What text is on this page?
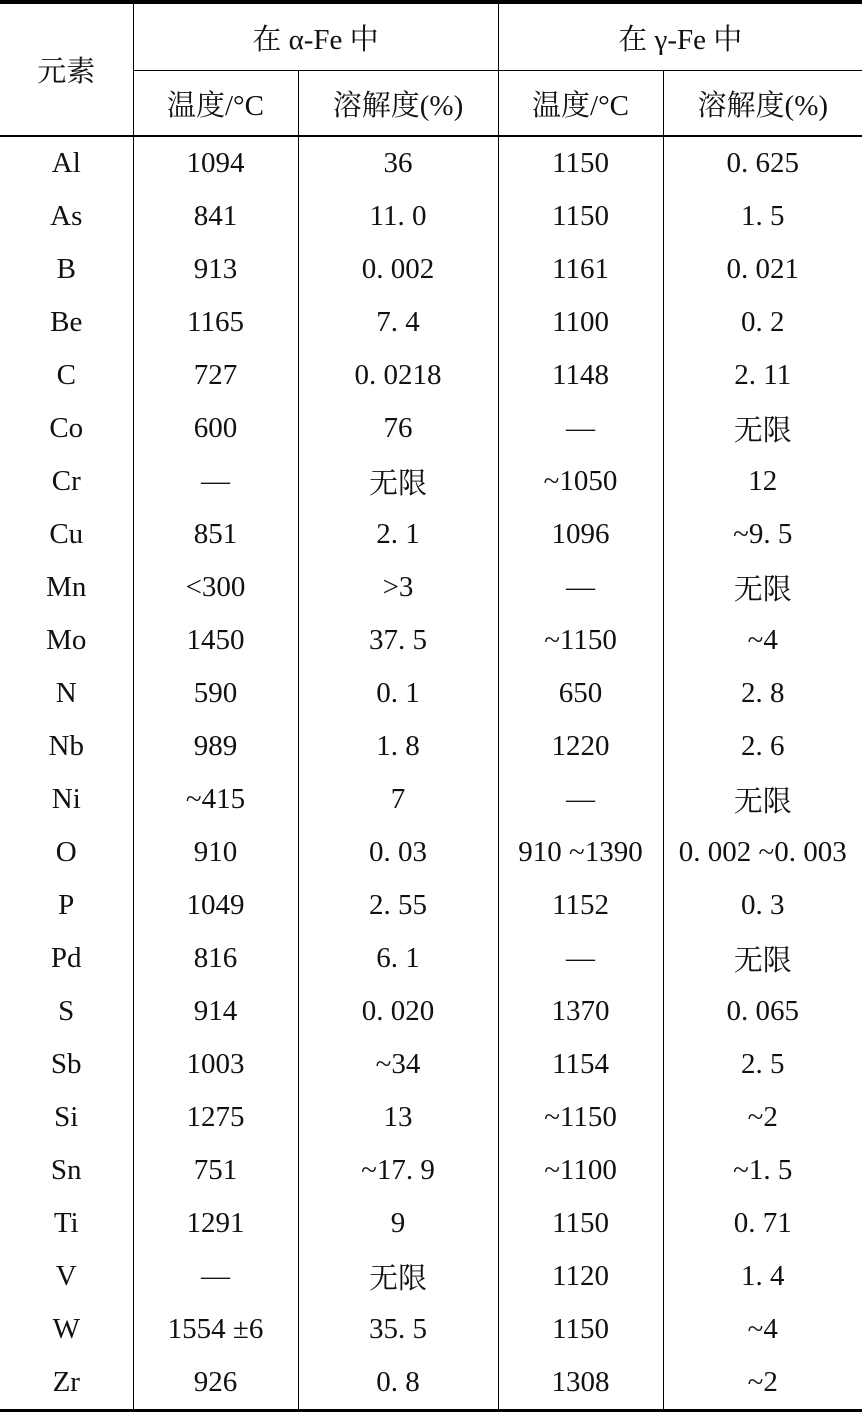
元素	在 α-Fe 中		在 γ-Fe 中	
	温度/°C	溶解度(%)	温度/°C	溶解度(%)
Al	1094	36	1150	0. 625
As	841	11. 0	1150	1. 5
B	913	0. 002	1161	0. 021
Be	1165	7. 4	1100	0. 2
C	727	0. 0218	1148	2. 11
Co	600	76	—	无限
Cr	—	无限	~1050	12
Cu	851	2. 1	1096	~9. 5
Mn	<300	>3	—	无限
Mo	1450	37. 5	~1150	~4
N	590	0. 1	650	2. 8
Nb	989	1. 8	1220	2. 6
Ni	~415	7	—	无限
O	910	0. 03	910 ~1390	0. 002 ~0. 003
P	1049	2. 55	1152	0. 3
Pd	816	6. 1	—	无限
S	914	0. 020	1370	0. 065
Sb	1003	~34	1154	2. 5
Si	1275	13	~1150	~2
Sn	751	~17. 9	~1100	~1. 5
Ti	1291	9	1150	0. 71
V	—	无限	1120	1. 4
W	1554 ±6	35. 5	1150	~4
Zr	926	0. 8	1308	~2
